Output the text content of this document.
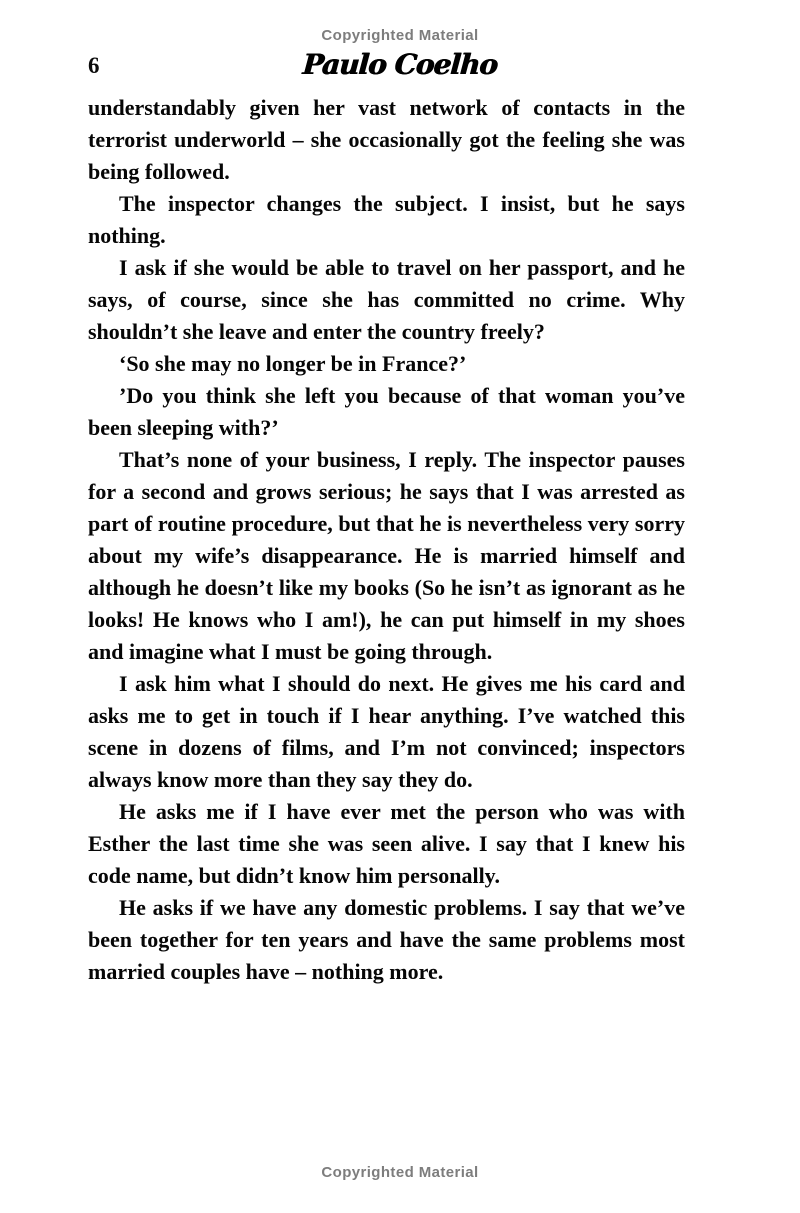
Copyrighted Material
6	Paulo Coelho

understandably given her vast network of contacts in the terrorist underworld – she occasionally got the feeling she was being followed.

The inspector changes the subject. I insist, but he says nothing.

I ask if she would be able to travel on her passport, and he says, of course, since she has committed no crime. Why shouldn’t she leave and enter the country freely?

‘So she may no longer be in France?’

’Do you think she left you because of that woman you’ve been sleeping with?’

That’s none of your business, I reply. The inspector pauses for a second and grows serious; he says that I was arrested as part of routine procedure, but that he is nevertheless very sorry about my wife’s disappearance. He is married himself and although he doesn’t like my books (So he isn’t as ignorant as he looks! He knows who I am!), he can put himself in my shoes and imagine what I must be going through.

I ask him what I should do next. He gives me his card and asks me to get in touch if I hear anything. I’ve watched this scene in dozens of films, and I’m not convinced; inspectors always know more than they say they do.

He asks me if I have ever met the person who was with Esther the last time she was seen alive. I say that I knew his code name, but didn’t know him personally.

He asks if we have any domestic problems. I say that we’ve been together for ten years and have the same problems most married couples have – nothing more.

Copyrighted Material
